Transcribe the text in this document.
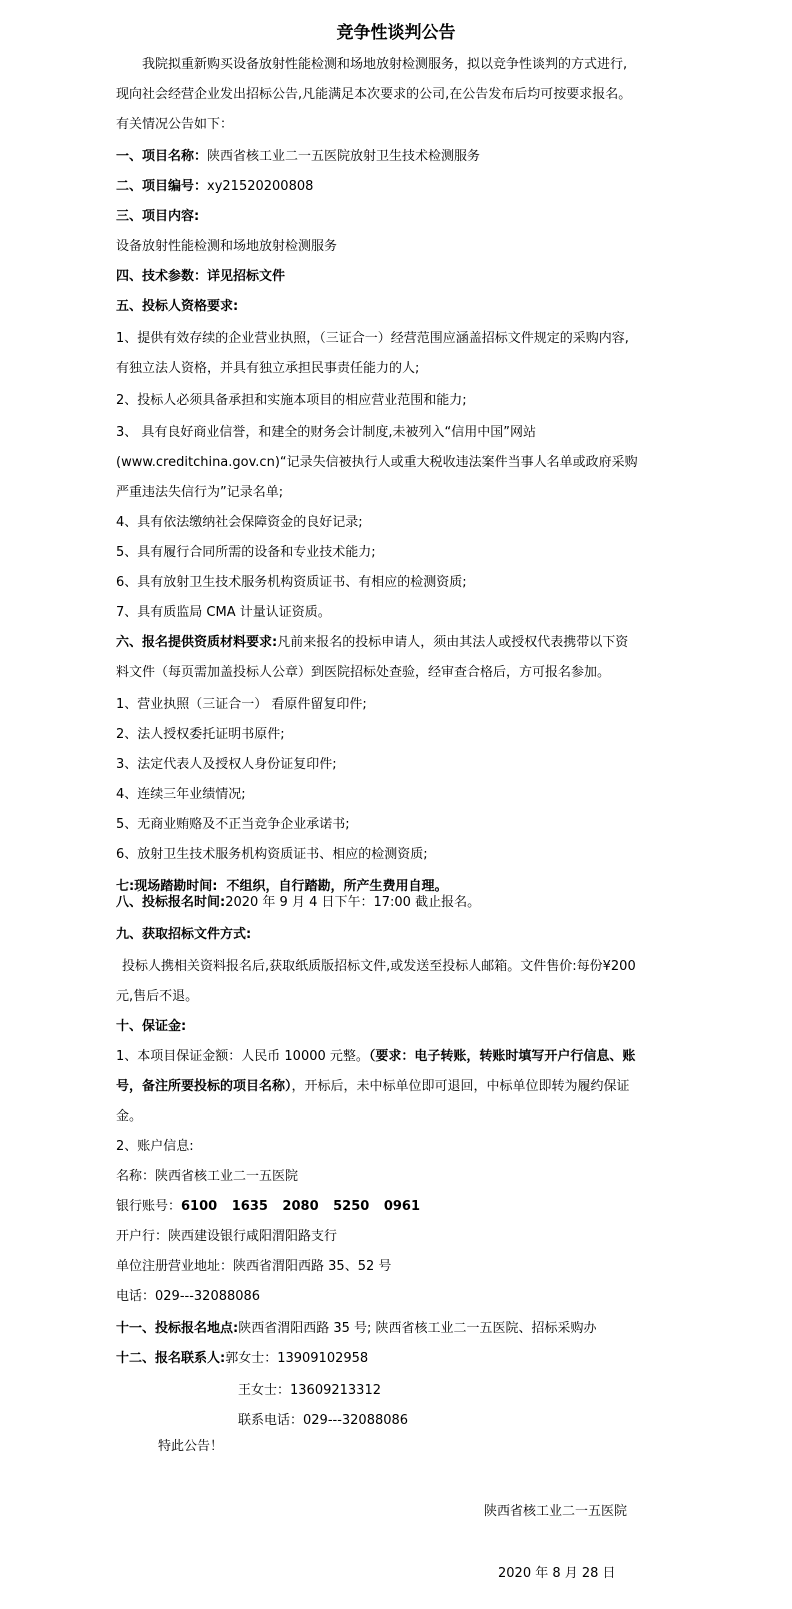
竞争性谈判公告

我院拟重新购买设备放射性能检测和场地放射检测服务，拟以竞争性谈判的方式进行,

现向社会经营企业发出招标公告,凡能满足本次要求的公司,在公告发布后均可按要求报名。

有关情况公告如下：

一、项目名称：陕西省核工业二一五医院放射卫生技术检测服务

二、项目编号：xy21520200808

三、项目内容:

设备放射性能检测和场地放射检测服务

四、技术参数：详见招标文件

五、投标人资格要求:

1、提供有效存续的企业营业执照，（三证合一）经营范围应涵盖招标文件规定的采购内容,

有独立法人资格，并具有独立承担民事责任能力的人;

2、投标人必须具备承担和实施本项目的相应营业范围和能力;

3、 具有良好商业信誉，和建全的财务会计制度,未被列入“信用中国”网站

(www.creditchina.gov.cn)“记录失信被执行人或重大税收违法案件当事人名单或政府采购

严重违法失信行为”记录名单;

4、具有依法缴纳社会保障资金的良好记录;

5、具有履行合同所需的设备和专业技术能力;

6、具有放射卫生技术服务机构资质证书、有相应的检测资质;

7、具有质监局 CMA 计量认证资质。

六、报名提供资质材料要求:凡前来报名的投标申请人，须由其法人或授权代表携带以下资

料文件（每页需加盖投标人公章）到医院招标处查验，经审查合格后，方可报名参加。

1、营业执照（三证合一） 看原件留复印件;

2、法人授权委托证明书原件;

3、法定代表人及授权人身份证复印件;

4、连续三年业绩情况;

5、无商业贿赂及不正当竞争企业承诺书;

6、放射卫生技术服务机构资质证书、相应的检测资质;

七:现场踏勘时间: 不组织，自行踏勘，所产生费用自理。

八、投标报名时间:2020 年 9 月 4 日下午：17:00 截止报名。

九、获取招标文件方式:

投标人携相关资料报名后,获取纸质版招标文件,或发送至投标人邮箱。文件售价:每份¥200

元,售后不退。

十、保证金:

1、本项目保证金额：人民币 10000 元整。（要求：电子转账，转账时填写开户行信息、账

号，备注所要投标的项目名称），开标后，未中标单位即可退回，中标单位即转为履约保证

金。

2、账户信息:

名称：陕西省核工业二一五医院

银行账号：6100 1635 2080 5250 0961

开户行：陕西建设银行咸阳渭阳路支行

单位注册营业地址：陕西省渭阳西路 35、52 号

电话：029---32088086

十一、投标报名地点:陕西省渭阳西路 35 号; 陕西省核工业二一五医院、招标采购办

十二、报名联系人:郭女士：13909102958

王女士：13609213312

联系电话：029---32088086

特此公告！

陕西省核工业二一五医院

2020 年 8 月 28 日
